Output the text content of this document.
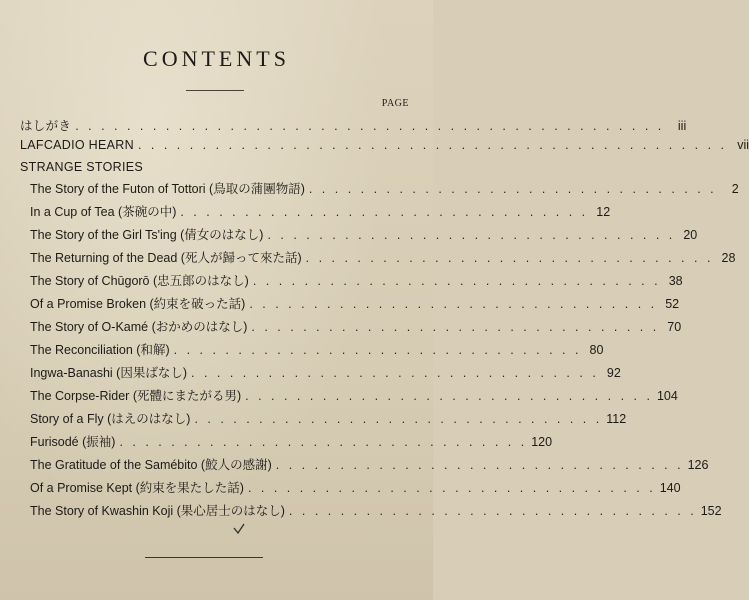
CONTENTS
PAGE
はしがき . . . . . . . . . . . . . . . . . . . . . . . . . . . . . . . . . . . . . . . . . . . . . .	iii
LAFCADIO HEARN . . . . . . . . . . . . . . . . . . . . . . . . . . . . . . . . . . . . . . . . . . . . . . vii
STRANGE STORIES
The Story of the Futon of Tottori (鳥取の蒲團物語) . . . . . . . . . . . . . . . . . . . . . . . . . . . . . . . .	2
In a Cup of Tea (茶碗の中) . . . . . . . . . . . . . . . . . . . . . . . . . . . . . . . . 12
The Story of the Girl Ts'ing (倩女のはなし) . . . . . . . . . . . . . . . . . . . . . . . . . . . . . . . . 20
The Returning of the Dead (死人が歸って來た話) . . . . . . . . . . . . . . . . . . . . . . . . . . . . . . . . 28
The Story of Chūgorō (忠五郎のはなし) . . . . . . . . . . . . . . . . . . . . . . . . . . . . . . . . 38
Of a Promise Broken (約束を破った話) . . . . . . . . . . . . . . . . . . . . . . . . . . . . . . . . 52
The Story of O-Kamé (おかめのはなし) . . . . . . . . . . . . . . . . . . . . . . . . . . . . . . . . 70
The Reconciliation (和解) . . . . . . . . . . . . . . . . . . . . . . . . . . . . . . . . 80
Ingwa-Banashi (因果ばなし) . . . . . . . . . . . . . . . . . . . . . . . . . . . . . . . . 92
The Corpse-Rider (死體にまたがる男) . . . . . . . . . . . . . . . . . . . . . . . . . . . . . . . . 104
Story of a Fly (はえのはなし) . . . . . . . . . . . . . . . . . . . . . . . . . . . . . . . . 112
Furisodé (振袖) . . . . . . . . . . . . . . . . . . . . . . . . . . . . . . . . 120
The Gratitude of the Samébito (鮫人の感謝) . . . . . . . . . . . . . . . . . . . . . . . . . . . . . . . . 126
Of a Promise Kept (約束を果たした話) . . . . . . . . . . . . . . . . . . . . . . . . . . . . . . . . 140
The Story of Kwashin Koji (果心居士のはなし) . . . . . . . . . . . . . . . . . . . . . . . . . . . . . . . . 152
